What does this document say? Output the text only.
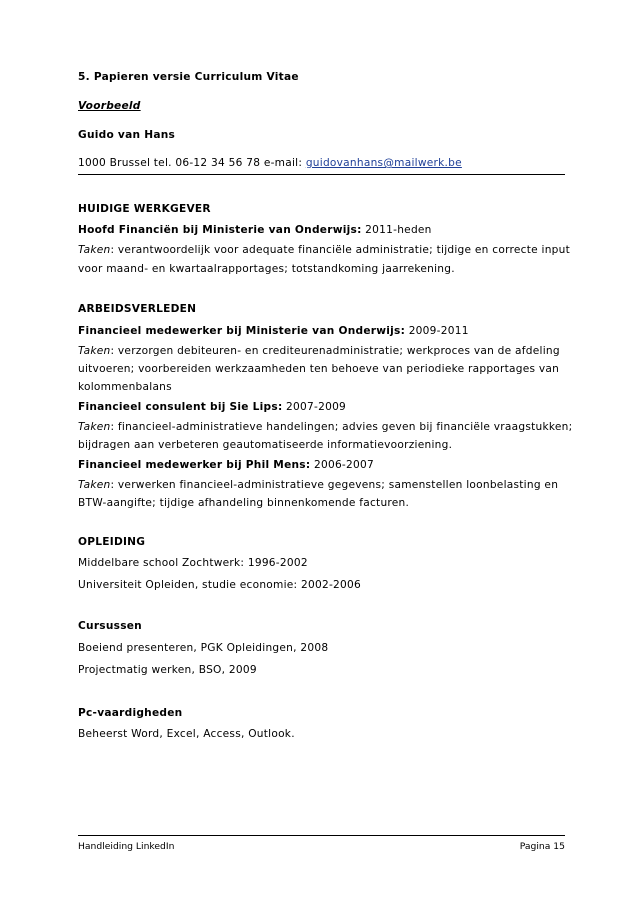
5. Papieren versie Curriculum Vitae
Voorbeeld
Guido van Hans
1000 Brussel tel. 06-12 34 56 78 e-mail: guidovanhans@mailwerk.be
HUIDIGE WERKGEVER
Hoofd Financiën bij Ministerie van Onderwijs: 2011-heden
Taken: verantwoordelijk voor adequate financiële administratie; tijdige en correcte input
voor maand- en kwartaalrapportages; totstandkoming jaarrekening.
ARBEIDSVERLEDEN
Financieel medewerker bij Ministerie van Onderwijs: 2009-2011
Taken: verzorgen debiteuren- en crediteurenadministratie; werkproces van de afdeling
uitvoeren; voorbereiden werkzaamheden ten behoeve van periodieke rapportages van
kolommenbalans
Financieel consulent bij Sie Lips: 2007-2009
Taken: financieel-administratieve handelingen; advies geven bij financiële vraagstukken;
bijdragen aan verbeteren geautomatiseerde informatievoorziening.
Financieel medewerker bij Phil Mens: 2006-2007
Taken: verwerken financieel-administratieve gegevens; samenstellen loonbelasting en
BTW-aangifte; tijdige afhandeling binnenkomende facturen.
OPLEIDING
Middelbare school Zochtwerk: 1996-2002
Universiteit Opleiden, studie economie: 2002-2006
Cursussen
Boeiend presenteren, PGK Opleidingen, 2008
Projectmatig werken, BSO, 2009
Pc-vaardigheden
Beheerst Word, Excel, Access, Outlook.
Handleiding LinkedIn	Pagina 15
